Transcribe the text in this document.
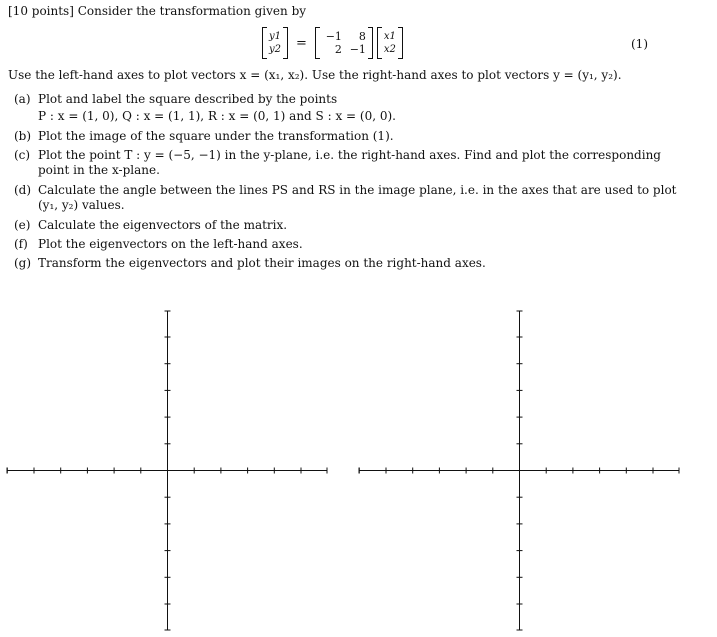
[10 points] Consider the transformation given by
y1
y2 =	−1	8
2 −1
x1
x2	(1)
Use the left-hand axes to plot vectors x = (x₁, x₂). Use the right-hand axes to plot vectors y = (y₁, y₂).
(a) Plot and label the square described by the points
P : x = (1, 0), Q : x = (1, 1), R : x = (0, 1) and S : x = (0, 0).
(b) Plot the image of the square under the transformation (1).
(c) Plot the point T : y = (−5, −1) in the y-plane, i.e. the right-hand axes. Find and plot the corresponding
point in the x-plane.
(d) Calculate the angle between the lines PS and RS in the image plane, i.e. in the axes that are used to plot
(y₁, y₂) values.
(e) Calculate the eigenvectors of the matrix.
(f) Plot the eigenvectors on the left-hand axes.
(g) Transform the eigenvectors and plot their images on the right-hand axes.
